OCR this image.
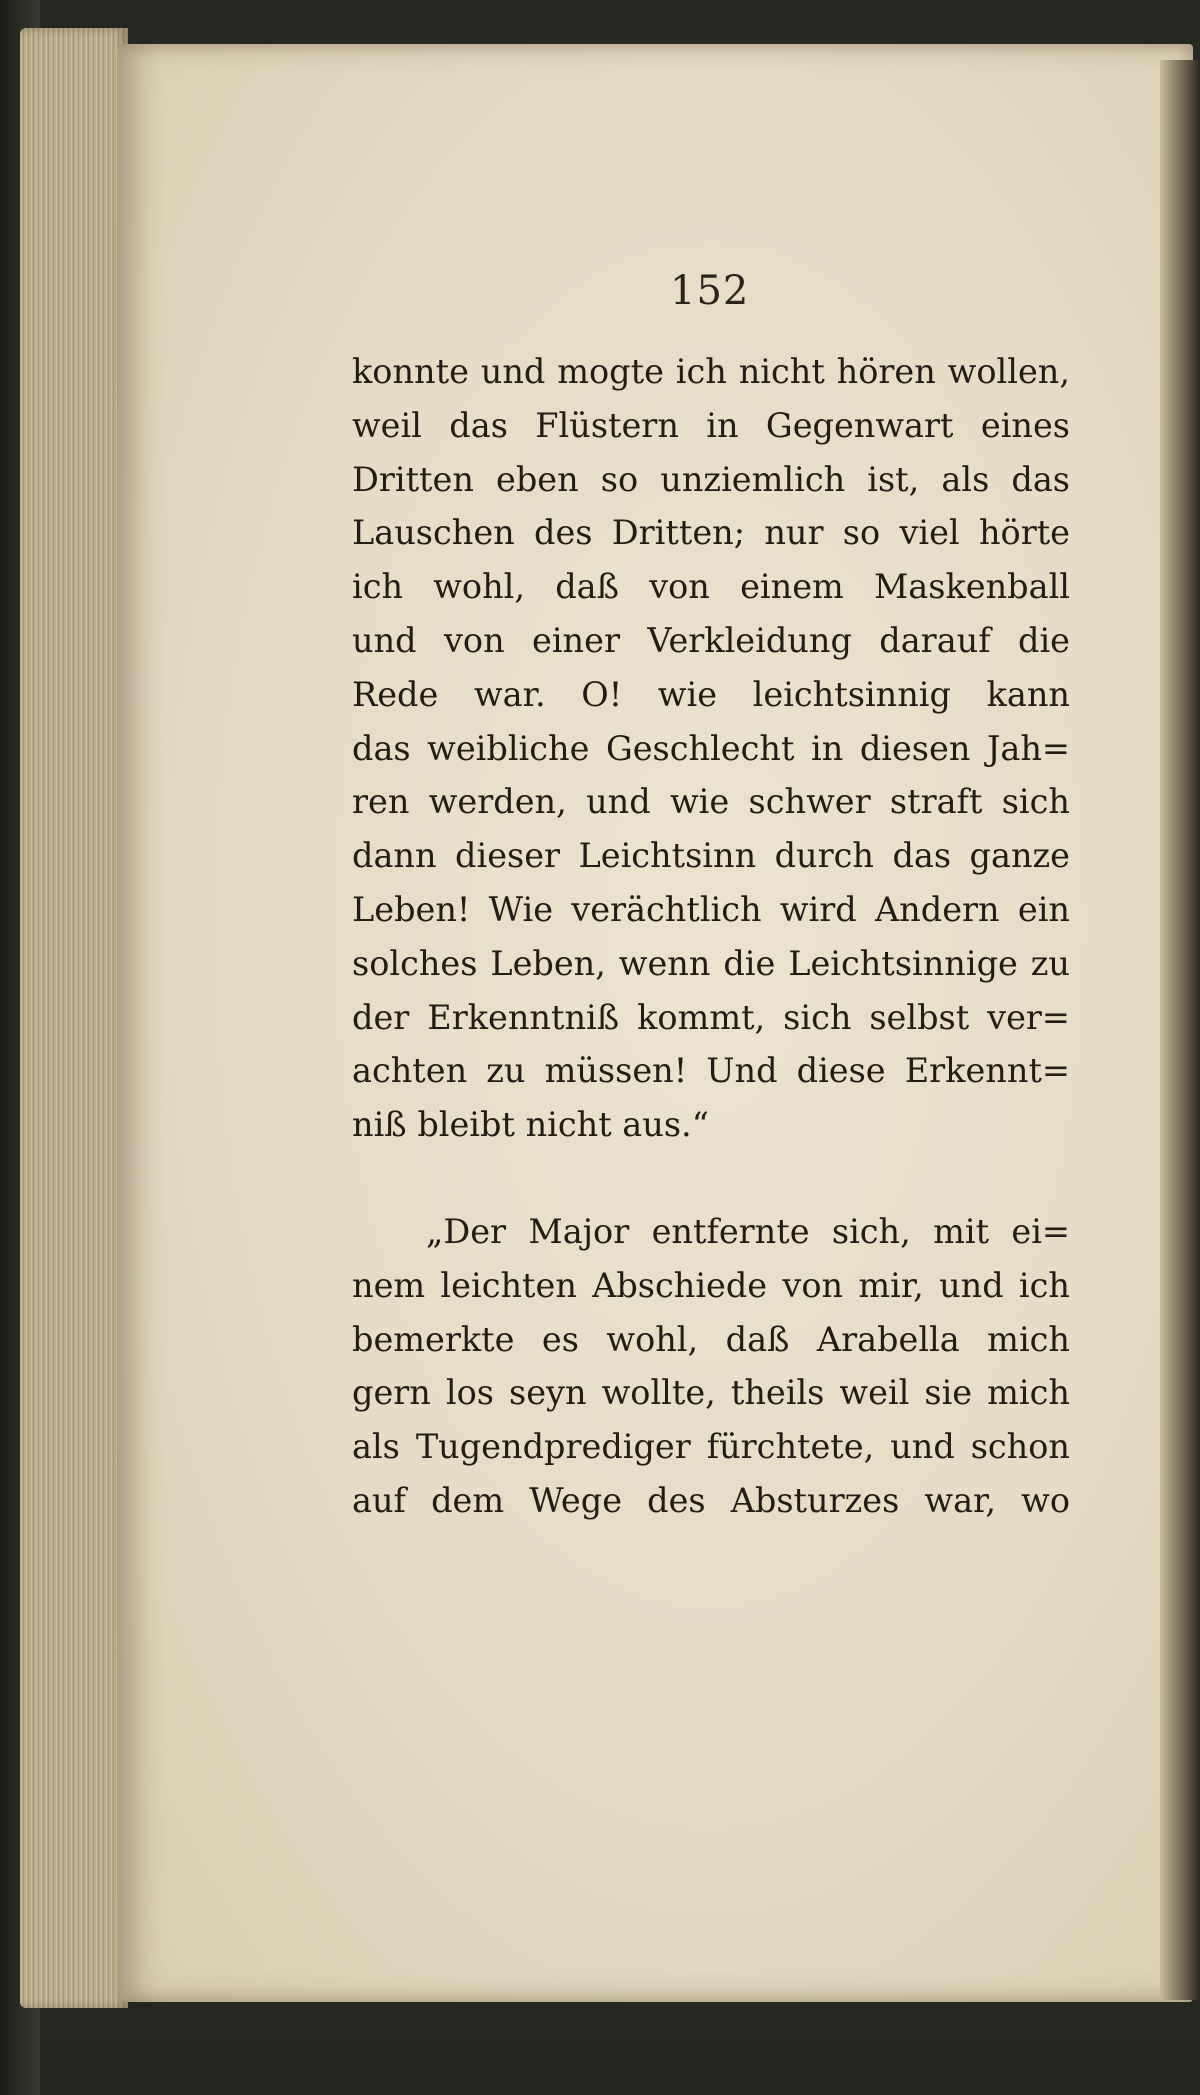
152
konnte und mogte ich nicht hören wollen,
weil das Flüstern in Gegenwart eines
Dritten eben so unziemlich ist, als das
Lauschen des Dritten; nur so viel hörte
ich wohl, daß von einem Maskenball
und von einer Verkleidung darauf die
Rede war. O! wie leichtsinnig kann
das weibliche Geschlecht in diesen Jah=
ren werden, und wie schwer straft sich
dann dieser Leichtsinn durch das ganze
Leben! Wie verächtlich wird Andern ein
solches Leben, wenn die Leichtsinnige zu
der Erkenntniß kommt, sich selbst ver=
achten zu müssen! Und diese Erkennt=
niß bleibt nicht aus.“
„Der Major entfernte sich, mit ei=
nem leichten Abschiede von mir, und ich
bemerkte es wohl, daß Arabella mich
gern los seyn wollte, theils weil sie mich
als Tugendprediger fürchtete, und schon
auf dem Wege des Absturzes war, wo
